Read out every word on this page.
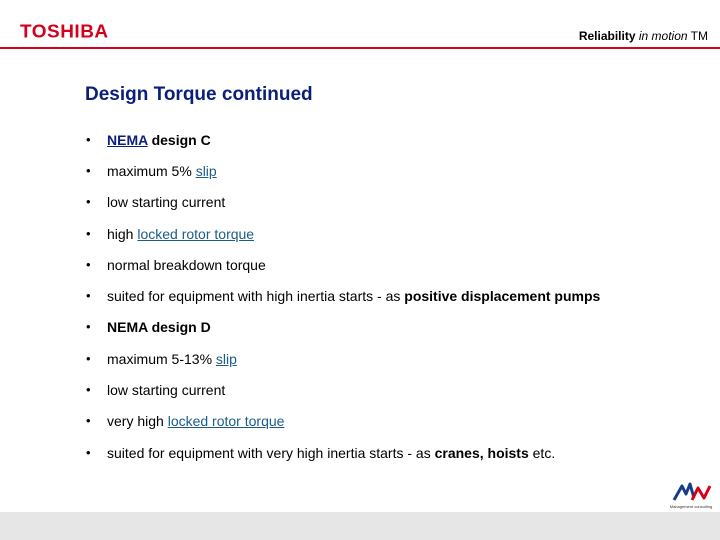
TOSHIBA	Reliability in motion TM
Design Torque continued
•	NEMA design C
•	maximum 5% slip
•	low starting current
•	high locked rotor torque
•	normal breakdown torque
•	suited for equipment with high inertia starts - as positive displacement pumps
•	NEMA design D
•	maximum 5-13% slip
•	low starting current
•	very high locked rotor torque
•	suited for equipment with very high inertia starts - as cranes, hoists etc.
Management consulting
